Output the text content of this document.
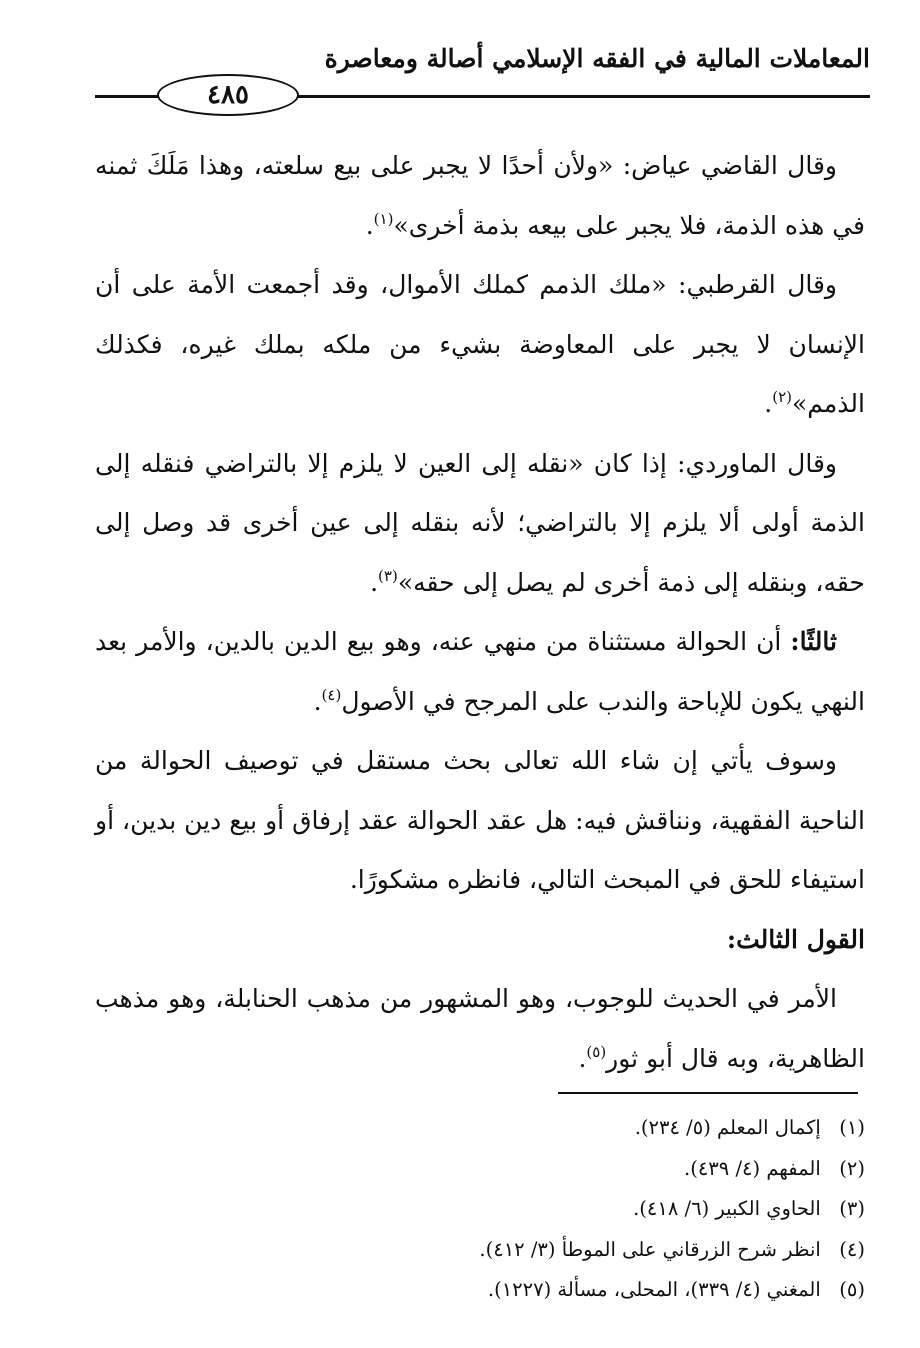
المعاملات المالية في الفقه الإسلامي أصالة ومعاصرة
٤٨٥

وقال القاضي عياض: «ولأن أحدًا لا يجبر على بيع سلعته، وهذا مَلَكَ ثمنه في هذه الذمة، فلا يجبر على بيعه بذمة أخرى»$^{(١)}$.

وقال القرطبي: «ملك الذمم كملك الأموال، وقد أجمعت الأمة على أن الإنسان لا يجبر على المعاوضة بشيء من ملكه بملك غيره، فكذلك الذمم»$^{(٢)}$.

وقال الماوردي: إذا كان «نقله إلى العين لا يلزم إلا بالتراضي فنقله إلى الذمة أولى ألا يلزم إلا بالتراضي؛ لأنه بنقله إلى عين أخرى قد وصل إلى حقه، وبنقله إلى ذمة أخرى لم يصل إلى حقه»$^{(٣)}$.

ثالثًا: أن الحوالة مستثناة من منهي عنه، وهو بيع الدين بالدين، والأمر بعد النهي يكون للإباحة والندب على المرجح في الأصول$^{(٤)}$.

وسوف يأتي إن شاء الله تعالى بحث مستقل في توصيف الحوالة من الناحية الفقهية، ونناقش فيه: هل عقد الحوالة عقد إرفاق أو بيع دين بدين، أو استيفاء للحق في المبحث التالي، فانظره مشكورًا.

القول الثالث:

الأمر في الحديث للوجوب، وهو المشهور من مذهب الحنابلة، وهو مذهب الظاهرية، وبه قال أبو ثور$^{(٥)}$.

(١) إكمال المعلم (٥/ ٢٣٤).
(٢) المفهم (٤/ ٤٣٩).
(٣) الحاوي الكبير (٦/ ٤١٨).
(٤) انظر شرح الزرقاني على الموطأ (٣/ ٤١٢).
(٥) المغني (٤/ ٣٣٩)، المحلى، مسألة (١٢٢٧).
